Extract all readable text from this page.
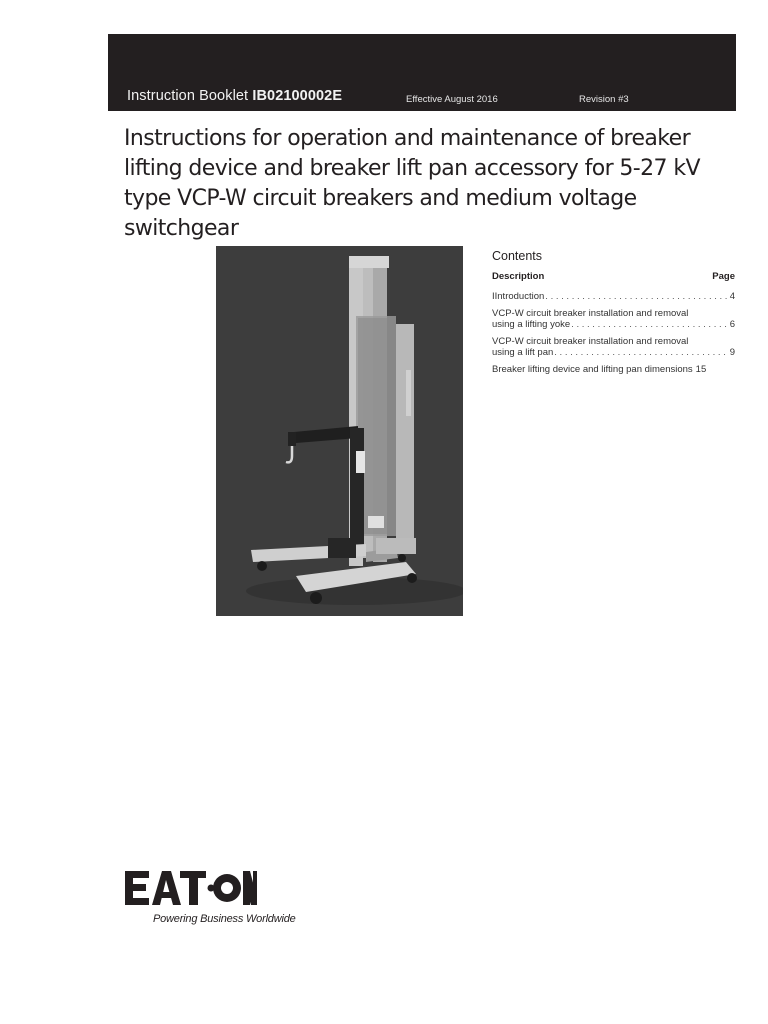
Instruction Booklet IB02100002E	Effective August 2016	Revision #3
Instructions for operation and maintenance of breaker lifting device and breaker lift pan accessory for 5-27 kV type VCP-W circuit breakers and medium voltage switchgear
Contents
Description	Page
IIntroduction . . .	4
VCP-W circuit breaker installation and removal
using a lifting yoke . . .	6
VCP-W circuit breaker installation and removal
using a lift pan . . .	9
Breaker lifting device and lifting pan dimensions 15
Powering Business Worldwide
